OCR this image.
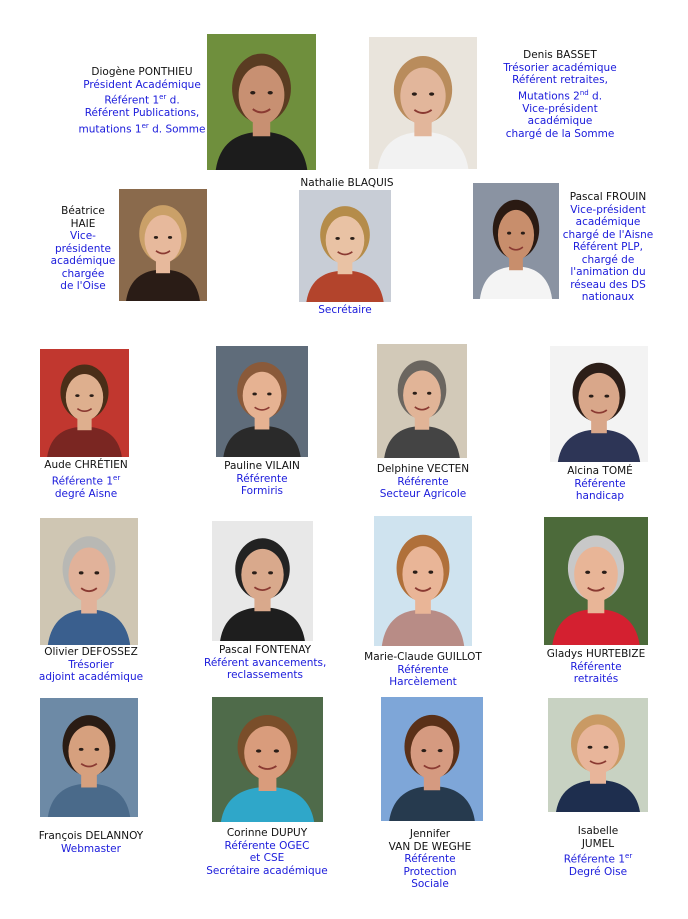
Diogène PONTHIEU
Président Académique
Référent 1er d.
Référent Publications,
mutations 1er d. Somme
Denis BASSET
Trésorier académique
Référent retraites,
Mutations 2nd d.
Vice-président
académique
chargé de la Somme
Béatrice
HAIE
Vice-
présidente
académique
chargée
de l'Oise
Nathalie BLAQUIS
Secrétaire
Pascal FROUIN
Vice-président
académique
chargé de l'Aisne
Référent PLP,
chargé de
l'animation du
réseau des DS
nationaux
Aude CHRÉTIEN
Référente 1er
degré Aisne
Pauline VILAIN
Référente
Formiris
Delphine VECTEN
Référente
Secteur Agricole
Alcina TOMÉ
Référente
handicap
Olivier DEFOSSEZ
Trésorier
adjoint académique
Pascal FONTENAY
Référent avancements,
reclassements
Marie-Claude GUILLOT
Référente
Harcèlement
Gladys HURTEBIZE
Référente
retraités
François DELANNOY
Webmaster
Corinne DUPUY
Référente OGEC
et CSE
Secrétaire académique
Jennifer
VAN DE WEGHE
Référente
Protection
Sociale
Isabelle
JUMEL
Référente 1er
Degré Oise
